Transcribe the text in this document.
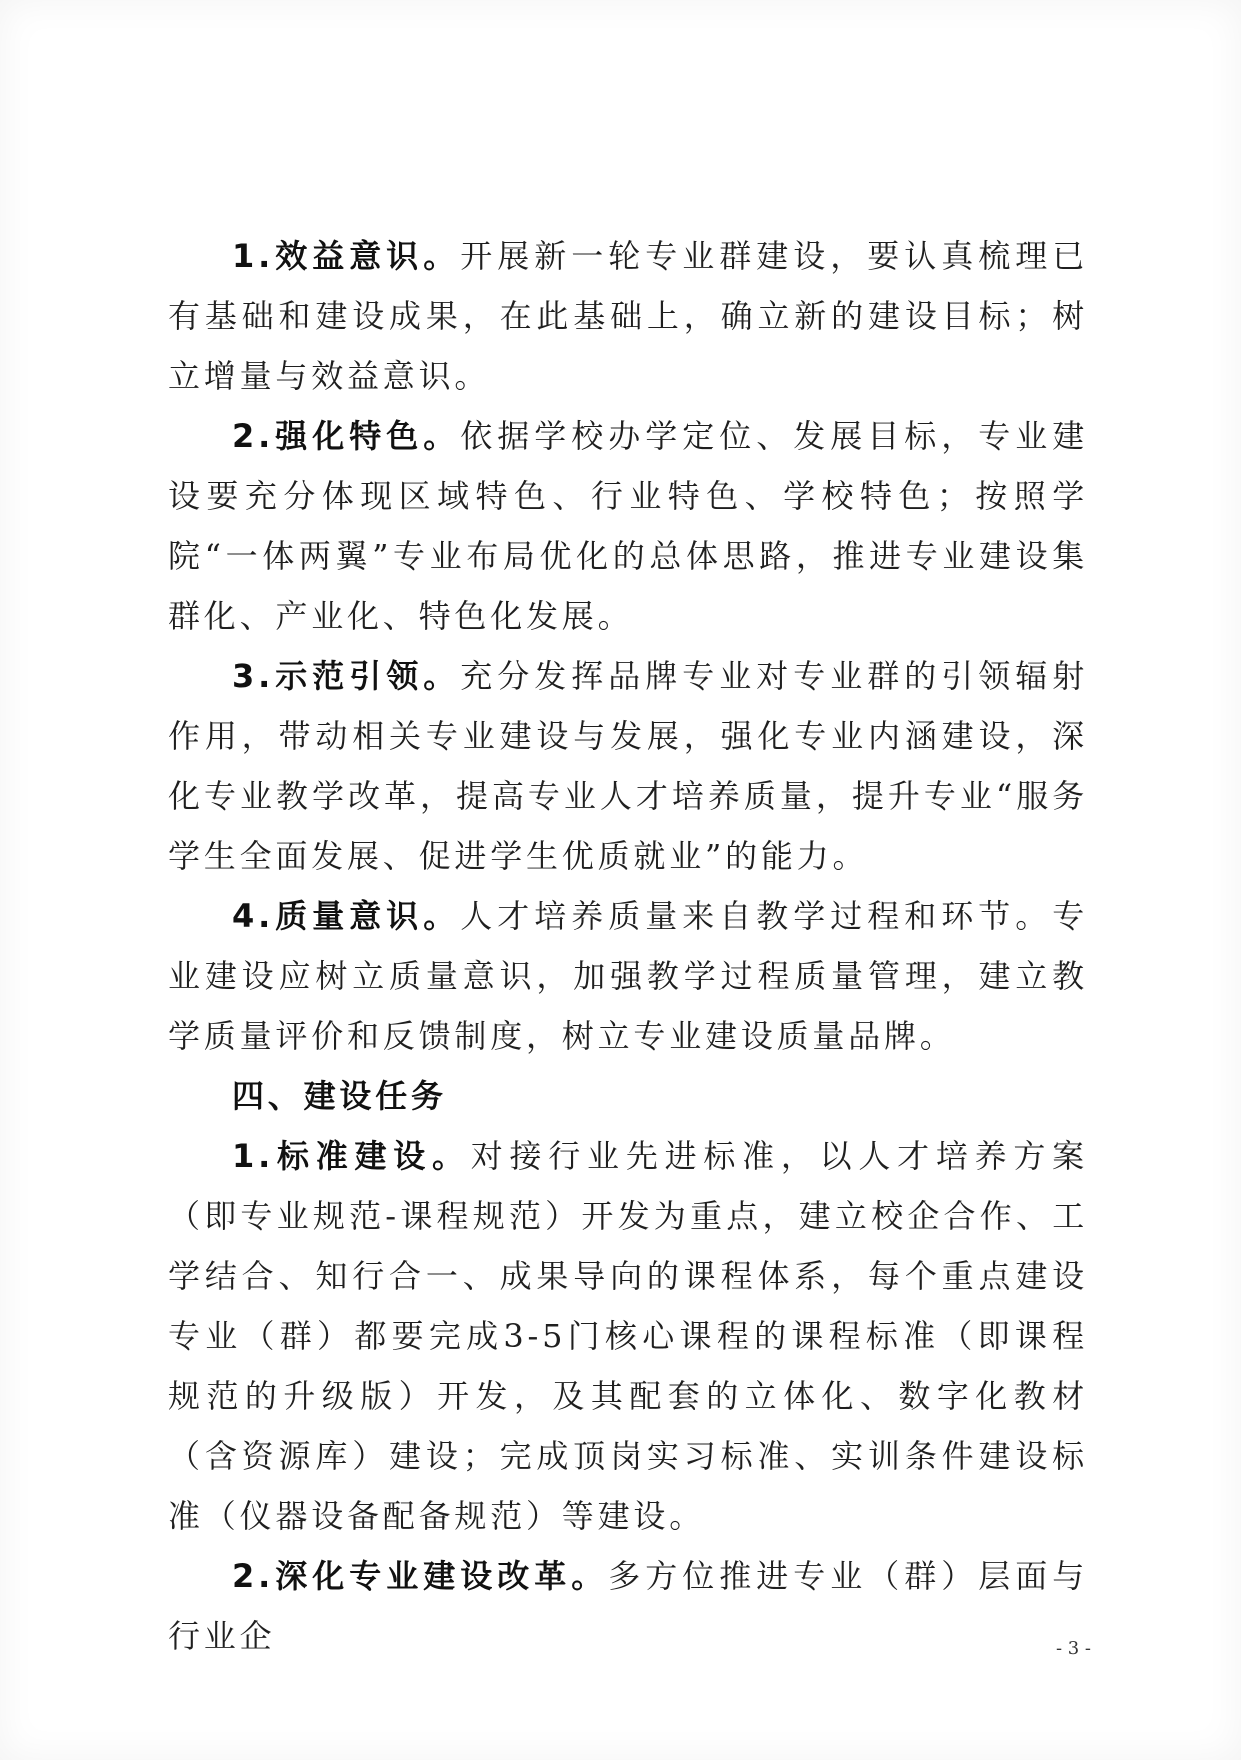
1.效益意识。开展新一轮专业群建设，要认真梳理已有基础和建设成果，在此基础上，确立新的建设目标；树立增量与效益意识。

2.强化特色。依据学校办学定位、发展目标，专业建设要充分体现区域特色、行业特色、学校特色；按照学院“一体两翼”专业布局优化的总体思路，推进专业建设集群化、产业化、特色化发展。

3.示范引领。充分发挥品牌专业对专业群的引领辐射作用，带动相关专业建设与发展，强化专业内涵建设，深化专业教学改革，提高专业人才培养质量，提升专业“服务学生全面发展、促进学生优质就业”的能力。

4.质量意识。人才培养质量来自教学过程和环节。专业建设应树立质量意识，加强教学过程质量管理，建立教学质量评价和反馈制度，树立专业建设质量品牌。

四、建设任务

1.标准建设。对接行业先进标准，以人才培养方案（即专业规范-课程规范）开发为重点，建立校企合作、工学结合、知行合一、成果导向的课程体系，每个重点建设专业（群）都要完成3-5门核心课程的课程标准（即课程规范的升级版）开发，及其配套的立体化、数字化教材（含资源库）建设；完成顶岗实习标准、实训条件建设标准（仪器设备配备规范）等建设。

2.深化专业建设改革。多方位推进专业（群）层面与行业企	- 3 -
